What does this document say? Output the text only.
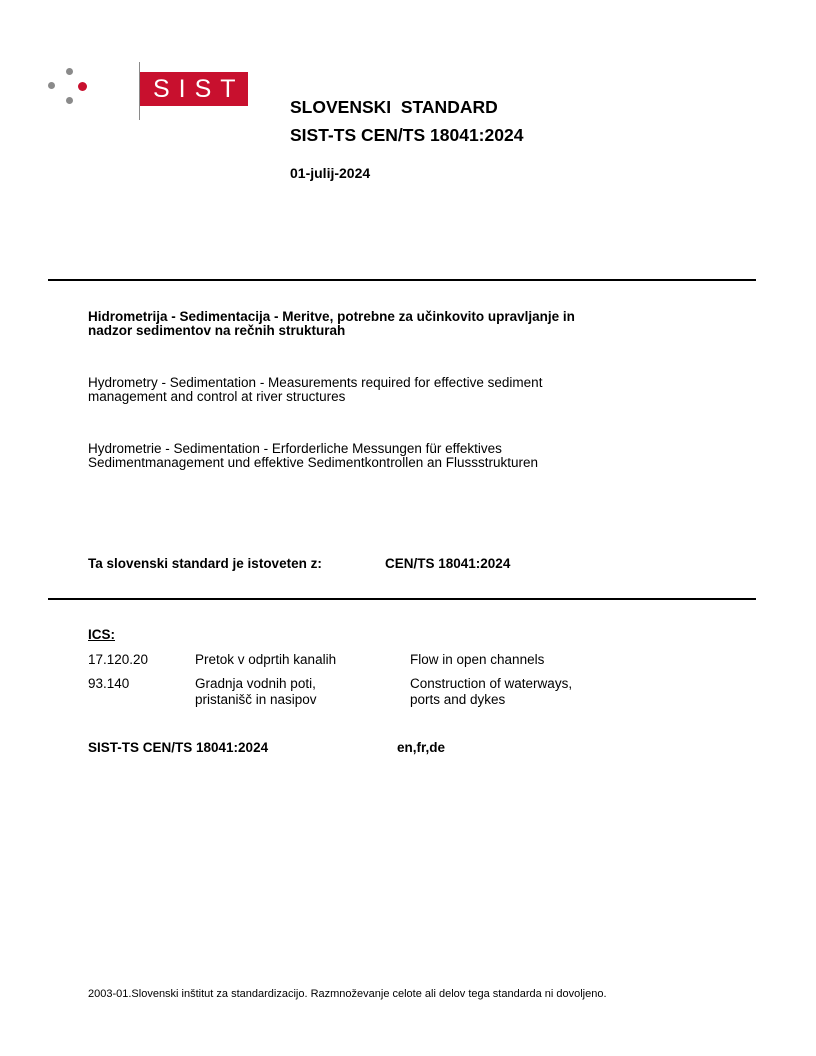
SIST
SLOVENSKI  STANDARD
SIST-TS CEN/TS 18041:2024
01-julij-2024
Hidrometrija - Sedimentacija - Meritve, potrebne za učinkovito upravljanje in
nadzor sedimentov na rečnih strukturah
Hydrometry - Sedimentation - Measurements required for effective sediment
management and control at river structures
Hydrometrie - Sedimentation - Erforderliche Messungen für effektives
Sedimentmanagement und effektive Sedimentkontrollen an Flussstrukturen
Ta slovenski standard je istoveten z:	CEN/TS 18041:2024
ICS:
17.120.20	Pretok v odprtih kanalih	Flow in open channels
93.140	Gradnja vodnih poti,	Construction of waterways,
pristanišč in nasipov	ports and dykes
SIST-TS CEN/TS 18041:2024	en,fr,de
2003-01.Slovenski inštitut za standardizacijo. Razmnoževanje celote ali delov tega standarda ni dovoljeno.
